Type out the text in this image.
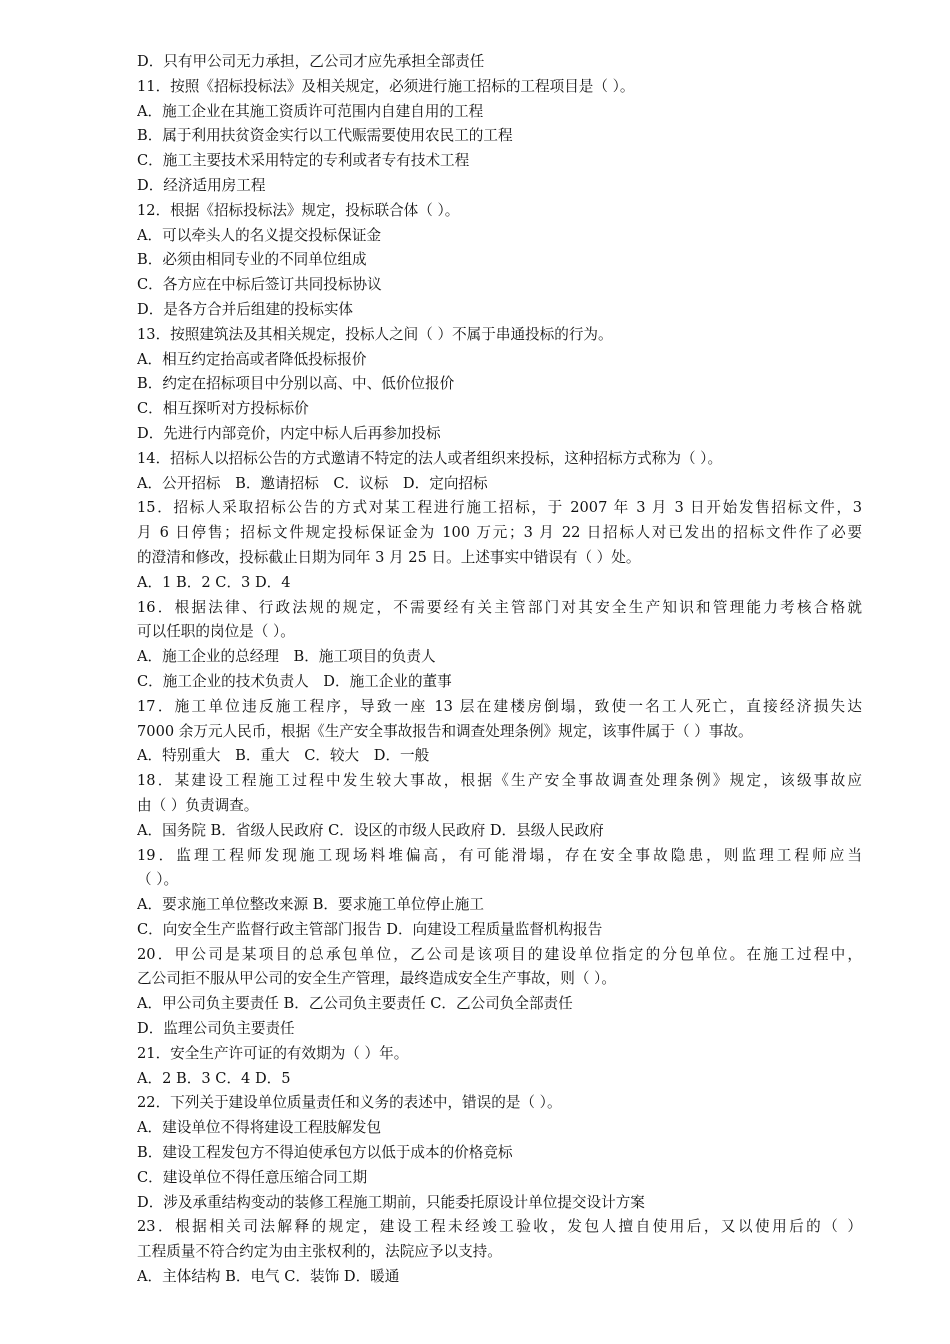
D．只有甲公司无力承担，乙公司才应先承担全部责任
11．按照《招标投标法》及相关规定，必须进行施工招标的工程项目是（ ）。
A．施工企业在其施工资质许可范围内自建自用的工程
B．属于利用扶贫资金实行以工代赈需要使用农民工的工程
C．施工主要技术采用特定的专利或者专有技术工程
D．经济适用房工程
12．根据《招标投标法》规定，投标联合体（ ）。
A．可以牵头人的名义提交投标保证金
B．必须由相同专业的不同单位组成
C．各方应在中标后签订共同投标协议
D．是各方合并后组建的投标实体
13．按照建筑法及其相关规定，投标人之间（ ）不属于串通投标的行为。
A．相互约定抬高或者降低投标报价
B．约定在招标项目中分别以高、中、低价位报价
C．相互探听对方投标标价
D．先进行内部竞价，内定中标人后再参加投标
14．招标人以招标公告的方式邀请不特定的法人或者组织来投标，这种招标方式称为（ ）。
A．公开招标　B．邀请招标　C．议标　D．定向招标
15．招标人采取招标公告的方式对某工程进行施工招标，于 2007 年 3 月 3 日开始发售招标文件，3
月 6 日停售；招标文件规定投标保证金为 100 万元；3 月 22 日招标人对已发出的招标文件作了必要
的澄清和修改，投标截止日期为同年 3 月 25 日。上述事实中错误有（ ）处。
A．1 B．2 C．3 D．4
16．根据法律、行政法规的规定，不需要经有关主管部门对其安全生产知识和管理能力考核合格就
可以任职的岗位是（ ）。
A．施工企业的总经理　B．施工项目的负责人
C．施工企业的技术负责人　D．施工企业的董事
17．施工单位违反施工程序，导致一座 13 层在建楼房倒塌，致使一名工人死亡，直接经济损失达
7000 余万元人民币，根据《生产安全事故报告和调查处理条例》规定，该事件属于（ ）事故。
A．特别重大　B．重大　C．较大　D．一般
18．某建设工程施工过程中发生较大事故，根据《生产安全事故调查处理条例》规定，该级事故应
由（ ）负责调查。
A．国务院 B．省级人民政府 C．设区的市级人民政府 D．县级人民政府
19．监理工程师发现施工现场料堆偏高，有可能滑塌，存在安全事故隐患，则监理工程师应当
（ ）。
A．要求施工单位整改来源 B．要求施工单位停止施工
C．向安全生产监督行政主管部门报告 D．向建设工程质量监督机构报告
20．甲公司是某项目的总承包单位，乙公司是该项目的建设单位指定的分包单位。在施工过程中，
乙公司拒不服从甲公司的安全生产管理，最终造成安全生产事故，则（ ）。
A．甲公司负主要责任 B．乙公司负主要责任 C．乙公司负全部责任
D．监理公司负主要责任
21．安全生产许可证的有效期为（ ）年。
A．2 B．3 C．4 D．5
22．下列关于建设单位质量责任和义务的表述中，错误的是（ ）。
A．建设单位不得将建设工程肢解发包
B．建设工程发包方不得迫使承包方以低于成本的价格竞标
C．建设单位不得任意压缩合同工期
D．涉及承重结构变动的装修工程施工期前，只能委托原设计单位提交设计方案
23．根据相关司法解释的规定，建设工程未经竣工验收，发包人擅自使用后，又以使用后的（ ）
工程质量不符合约定为由主张权利的，法院应予以支持。
A．主体结构 B．电气 C．装饰 D．暖通
